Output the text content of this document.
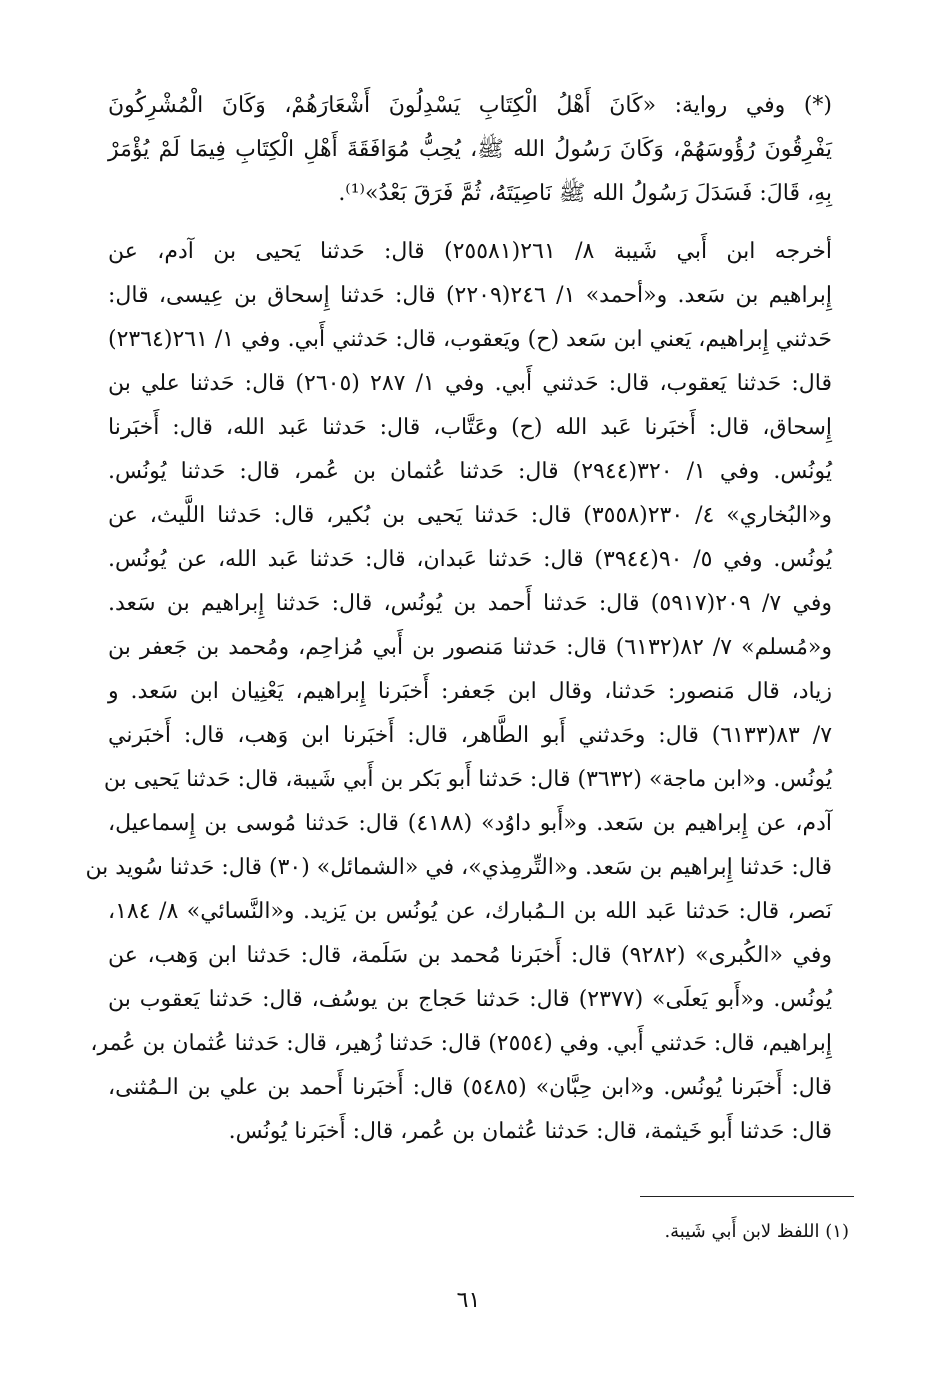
(*) وفي رواية: «كَانَ أَهْلُ الْكِتَابِ يَسْدِلُونَ أَشْعَارَهُمْ، وَكَانَ الْمُشْرِكُونَ
يَفْرِقُونَ رُؤُوسَهُمْ، وَكَانَ رَسُولُ الله ﷺ، يُحِبُّ مُوَافَقَةَ أَهْلِ الْكِتَابِ فِيمَا لَمْ يُؤْمَرْ
بِهِ، قَالَ: فَسَدَلَ رَسُولُ الله ﷺ نَاصِيَتَهُ، ثُمَّ فَرَقَ بَعْدُ»⁽¹⁾.
أخرجه ابن أَبي شَيبة ٨/ ٢٦١(٢٥٥٨١) قال: حَدثنا يَحيى بن آدم، عن
إِبراهيم بن سَعد. و«أحمد» ١/ ٢٤٦(٢٢٠٩) قال: حَدثنا إِسحاق بن عِيسى، قال:
حَدثني إِبراهيم، يَعني ابن سَعد (ح) ويَعقوب، قال: حَدثني أَبي. وفي ١/ ٢٦١(٢٣٦٤)
قال: حَدثنا يَعقوب، قال: حَدثني أَبي. وفي ١/ ٢٨٧ (٢٦٠٥) قال: حَدثنا علي بن
إِسحاق، قال: أَخبَرنا عَبد الله (ح) وعَتَّاب، قال: حَدثنا عَبد الله، قال: أَخبَرنا
يُونُس. وفي ١/ ٣٢٠(٢٩٤٤) قال: حَدثنا عُثمان بن عُمر، قال: حَدثنا يُونُس.
و«البُخاري» ٤/ ٢٣٠(٣٥٥٨) قال: حَدثنا يَحيى بن بُكير، قال: حَدثنا اللَّيث، عن
يُونُس. وفي ٥/ ٩٠(٣٩٤٤) قال: حَدثنا عَبدان، قال: حَدثنا عَبد الله، عن يُونُس.
وفي ٧/ ٢٠٩(٥٩١٧) قال: حَدثنا أَحمد بن يُونُس، قال: حَدثنا إِبراهيم بن سَعد.
و«مُسلم» ٧/ ٨٢(٦١٣٢) قال: حَدثنا مَنصور بن أَبي مُزاحِم، ومُحمد بن جَعفر بن
زياد، قال مَنصور: حَدثنا، وقال ابن جَعفر: أَخبَرنا إِبراهيم، يَعْنِيان ابن سَعد. و
٧/ ٨٣(٦١٣٣) قال: وحَدثني أَبو الطَّاهر، قال: أَخبَرنا ابن وَهب، قال: أَخبَرني
يُونُس. و«ابن ماجة» (٣٦٣٢) قال: حَدثنا أَبو بَكر بن أَبي شَيبة، قال: حَدثنا يَحيى بن
آدم، عن إِبراهيم بن سَعد. و«أَبو داوُد» (٤١٨٨) قال: حَدثنا مُوسى بن إِسماعيل،
قال: حَدثنا إِبراهيم بن سَعد. و«التِّرمِذي»، في «الشمائل» (٣٠) قال: حَدثنا سُويد بن
نَصر، قال: حَدثنا عَبد الله بن الـمُبارك، عن يُونُس بن يَزيد. و«النَّسائي» ٨/ ١٨٤،
وفي «الكُبرى» (٩٢٨٢) قال: أَخبَرنا مُحمد بن سَلَمة، قال: حَدثنا ابن وَهب، عن
يُونُس. و«أَبو يَعلَى» (٢٣٧٧) قال: حَدثنا حَجاج بن يوسُف، قال: حَدثنا يَعقوب بن
إِبراهيم، قال: حَدثني أَبي. وفي (٢٥٥٤) قال: حَدثنا زُهير، قال: حَدثنا عُثمان بن عُمر،
قال: أَخبَرنا يُونُس. و«ابن حِبَّان» (٥٤٨٥) قال: أَخبَرنا أَحمد بن علي بن الـمُثنى،
قال: حَدثنا أَبو خَيثمة، قال: حَدثنا عُثمان بن عُمر، قال: أَخبَرنا يُونُس.
(١) اللفظ لابن أَبي شَيبة.
٦١
